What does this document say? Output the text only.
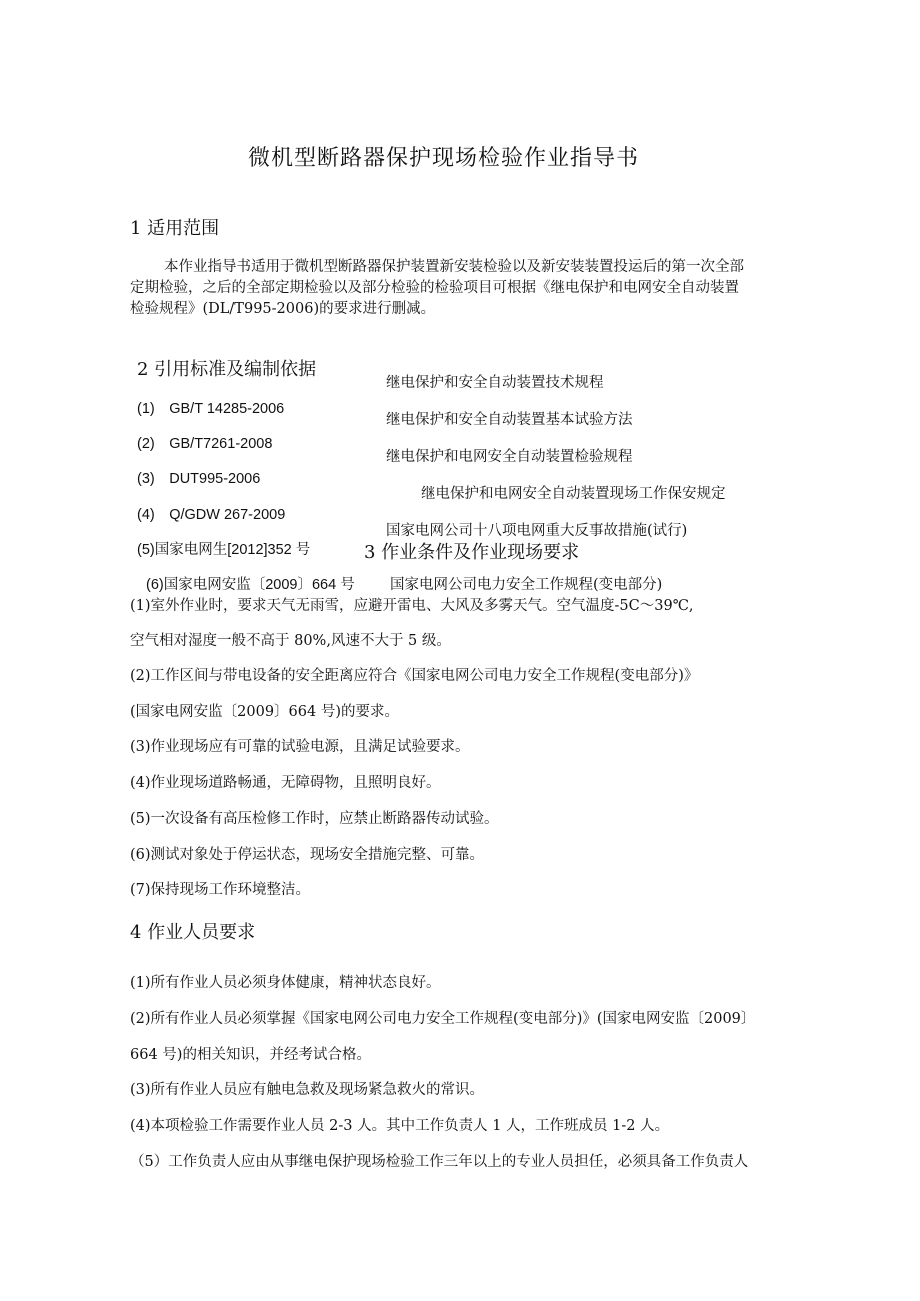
微机型断路器保护现场检验作业指导书
1 适用范围
本作业指导书适用于微机型断路器保护装置新安装检验以及新安装装置投运后的第一次全部
定期检验，之后的全部定期检验以及部分检验的检验项目可根据《继电保护和电网安全自动装置
检验规程》(DL/T995-2006)的要求进行删减。
2 引用标准及编制依据
(1)　GB/T 14285-2006
继电保护和安全自动装置技术规程
(2)　GB/T7261-2008
继电保护和安全自动装置基本试验方法
(3)　DUT995-2006
继电保护和电网安全自动装置检验规程
(4)　Q/GDW 267-2009
继电保护和电网安全自动装置现场工作保安规定
(5)国家电网生[2012]352 号
国家电网公司十八项电网重大反事故措施(试行)
3 作业条件及作业现场要求
(6)国家电网安监〔2009〕664 号 国家电网公司电力安全工作规程(变电部分)
(1)室外作业时，要求天气无雨雪，应避开雷电、大风及多雾天气。空气温度-5C～39℃,
空气相对湿度一般不高于 80%,风速不大于 5 级。
(2)工作区间与带电设备的安全距离应符合《国家电网公司电力安全工作规程(变电部分)》
(国家电网安监〔2009〕664 号)的要求。
(3)作业现场应有可靠的试验电源，且满足试验要求。
(4)作业现场道路畅通，无障碍物，且照明良好。
(5)一次设备有高压检修工作时，应禁止断路器传动试验。
(6)测试对象处于停运状态，现场安全措施完整、可靠。
(7)保持现场工作环境整洁。
4 作业人员要求
(1)所有作业人员必须身体健康，精神状态良好。
(2)所有作业人员必须掌握《国家电网公司电力安全工作规程(变电部分)》(国家电网安监〔2009〕
664 号)的相关知识，并经考试合格。
(3)所有作业人员应有触电急救及现场紧急救火的常识。
(4)本项检验工作需要作业人员 2-3 人。其中工作负责人 1 人，工作班成员 1-2 人。
（5）工作负责人应由从事继电保护现场检验工作三年以上的专业人员担任，必须具备工作负责人
